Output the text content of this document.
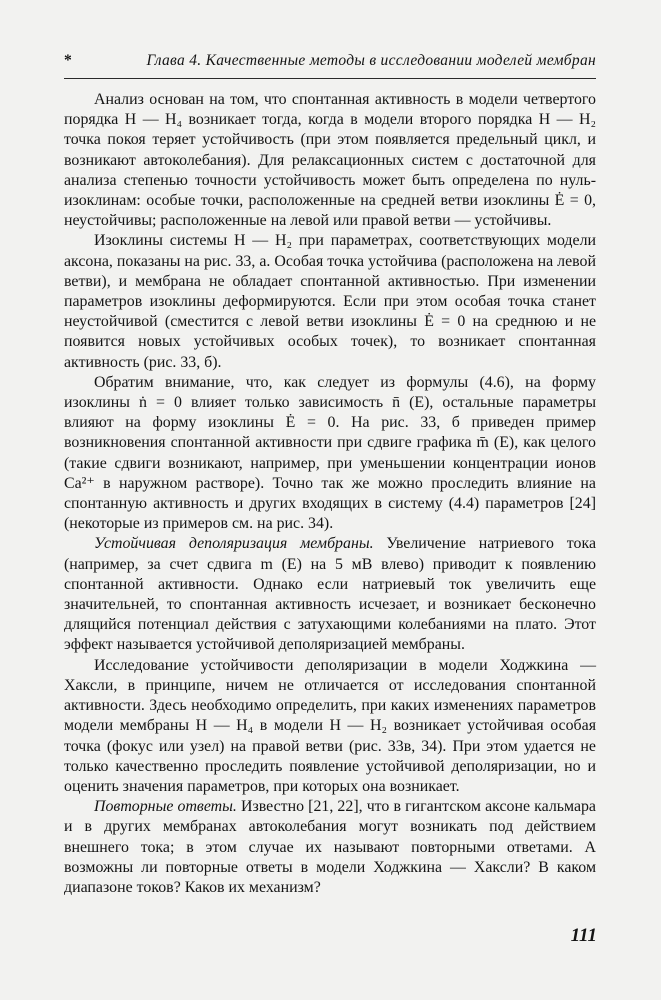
*	Глава 4. Качественные методы в исследовании моделей мембран

Анализ основан на том, что спонтанная активность в модели четвертого порядка H — H₄ возникает тогда, когда в модели второго порядка H — H₂ точка покоя теряет устойчивость (при этом появляется предельный цикл, и возникают автоколебания). Для релаксационных систем с достаточной для анализа степенью точности устойчивость может быть определена по нуль-изоклинам: особые точки, расположенные на средней ветви изоклины Ė = 0, неустойчивы; расположенные на левой или правой ветви — устойчивы.

Изоклины системы H — H₂ при параметрах, соответствующих модели аксона, показаны на рис. 33, а. Особая точка устойчива (расположена на левой ветви), и мембрана не обладает спонтанной активностью. При изменении параметров изоклины деформируются. Если при этом особая точка станет неустойчивой (сместится с левой ветви изоклины Ė = 0 на среднюю и не появится новых устойчивых особых точек), то возникает спонтанная активность (рис. 33, б).

Обратим внимание, что, как следует из формулы (4.6), на форму изоклины ṅ = 0 влияет только зависимость n̄ (E), остальные параметры влияют на форму изоклины Ė = 0. На рис. 33, б приведен пример возникновения спонтанной активности при сдвиге графика m̄ (E), как целого (такие сдвиги возникают, например, при уменьшении концентрации ионов Ca²⁺ в наружном растворе). Точно так же можно проследить влияние на спонтанную активность и других входящих в систему (4.4) параметров [24] (некоторые из примеров см. на рис. 34).

Устойчивая деполяризация мембраны. Увеличение натриевого тока (например, за счет сдвига m (E) на 5 мВ влево) приводит к появлению спонтанной активности. Однако если натриевый ток увеличить еще значительней, то спонтанная активность исчезает, и возникает бесконечно длящийся потенциал действия с затухающими колебаниями на плато. Этот эффект называется устойчивой деполяризацией мембраны.

Исследование устойчивости деполяризации в модели Ходжкина — Хаксли, в принципе, ничем не отличается от исследования спонтанной активности. Здесь необходимо определить, при каких изменениях параметров модели мембраны H — H₄ в модели H — H₂ возникает устойчивая особая точка (фокус или узел) на правой ветви (рис. 33в, 34). При этом удается не только качественно проследить появление устойчивой деполяризации, но и оценить значения параметров, при которых она возникает.

Повторные ответы. Известно [21, 22], что в гигантском аксоне кальмара и в других мембранах автоколебания могут возникать под действием внешнего тока; в этом случае их называют повторными ответами. А возможны ли повторные ответы в модели Ходжкина — Хаксли? В каком диапазоне токов? Каков их механизм?

111
